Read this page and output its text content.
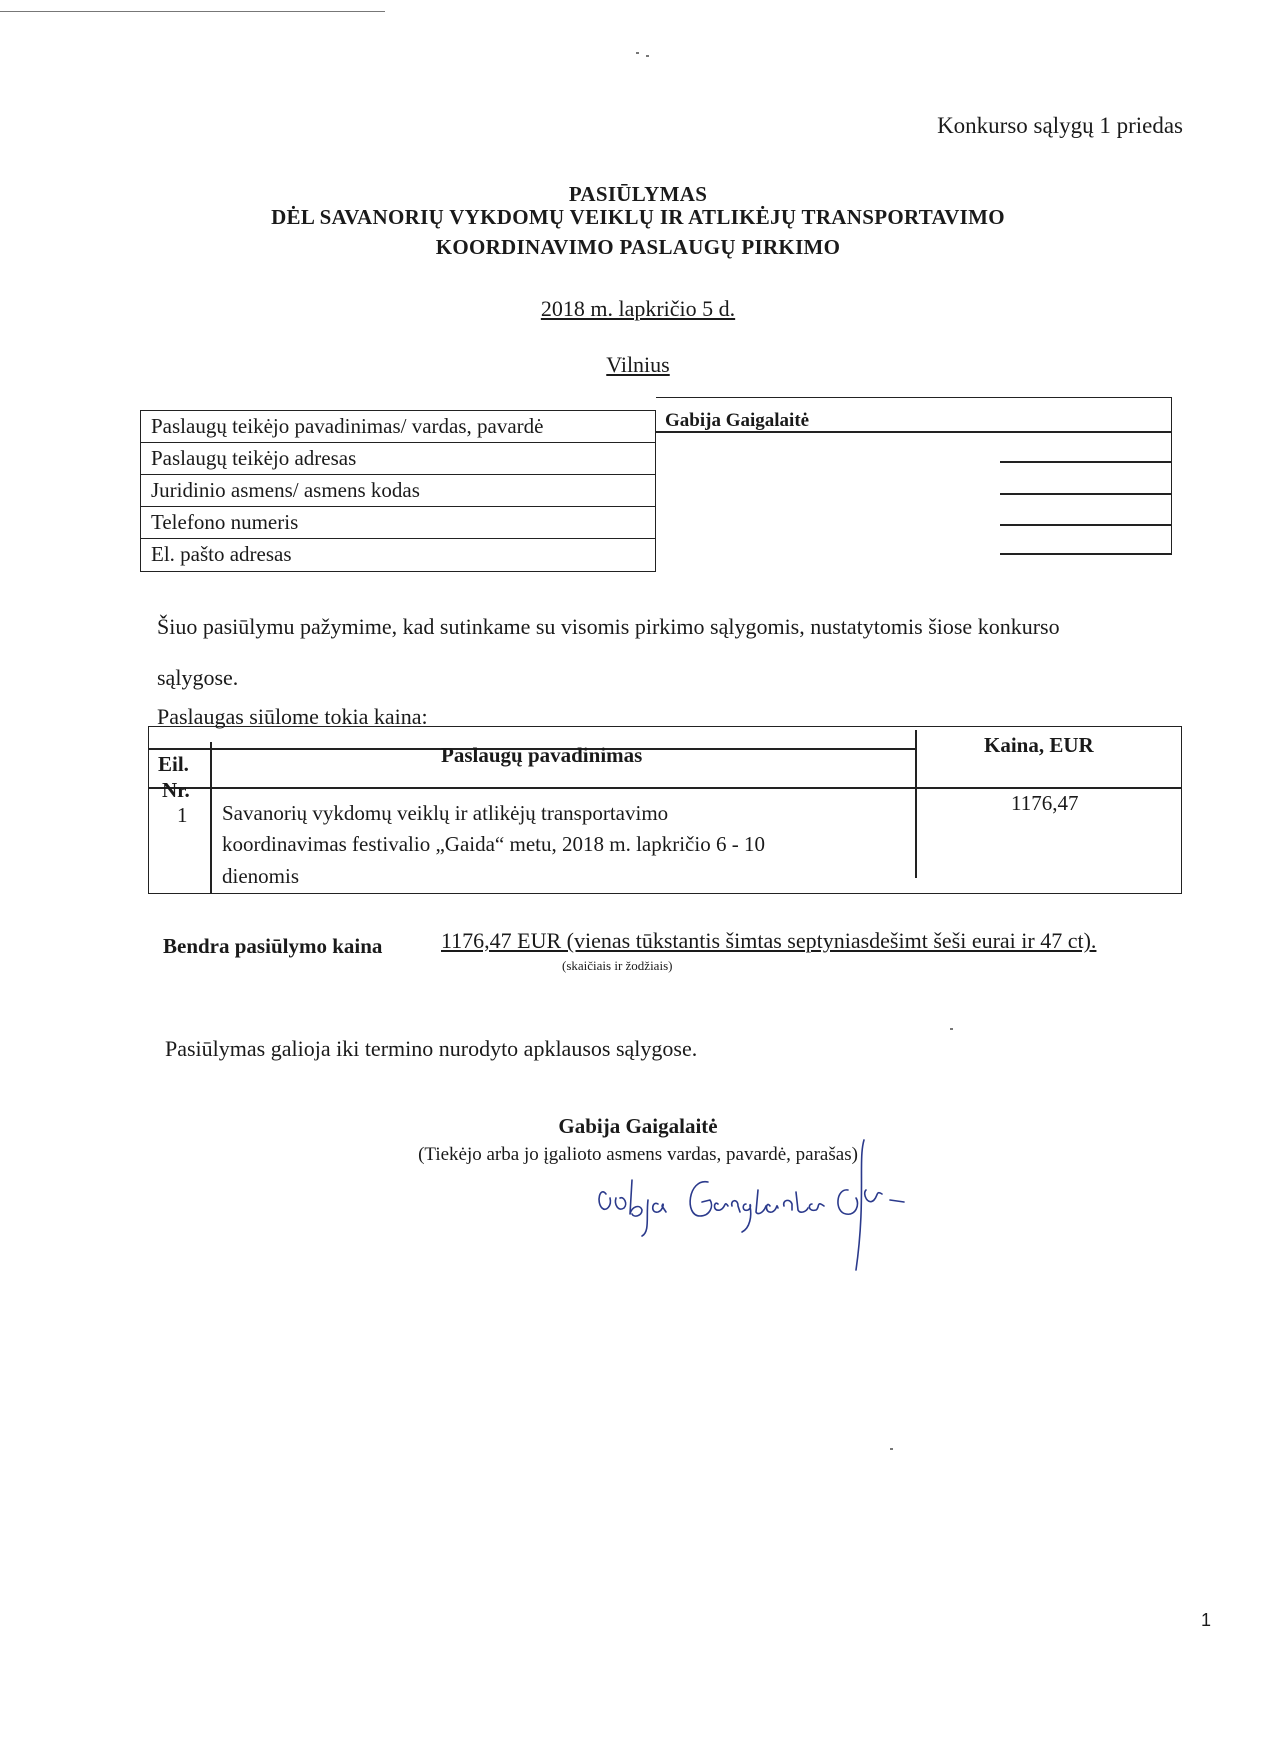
Konkurso sąlygų 1 priedas
PASIŪLYMAS
DĖL SAVANORIŲ VYKDOMŲ VEIKLŲ IR ATLIKĖJŲ TRANSPORTAVIMO
KOORDINAVIMO PASLAUGŲ PIRKIMO
2018 m. lapkričio 5 d.
Vilnius
Gabija Gaigalaitė
Paslaugų teikėjo pavadinimas/ vardas, pavardė
Paslaugų teikėjo adresas
Juridinio asmens/ asmens kodas
Telefono numeris
El. pašto adresas
Šiuo pasiūlymu pažymime, kad sutinkame su visomis pirkimo sąlygomis, nustatytomis šiose konkurso
sąlygose.
Paslaugas siūlome tokia kaina:
Eil.
Nr.
Paslaugų pavadinimas	Kaina, EUR
1 Savanorių vykdomų veiklų ir atlikėjų transportavimo
koordinavimas festivalio „Gaida“ metu, 2018 m. lapkričio 6 - 10
dienomis
1176,47
Bendra pasiūlymo kaina	1176,47 EUR (vienas tūkstantis šimtas septyniasdešimt šeši eurai ir 47 ct).
(skaičiais ir žodžiais)
Pasiūlymas galioja iki termino nurodyto apklausos sąlygose.
Gabija Gaigalaitė
(Tiekėjo arba jo įgalioto asmens vardas, pavardė, parašas)
1
